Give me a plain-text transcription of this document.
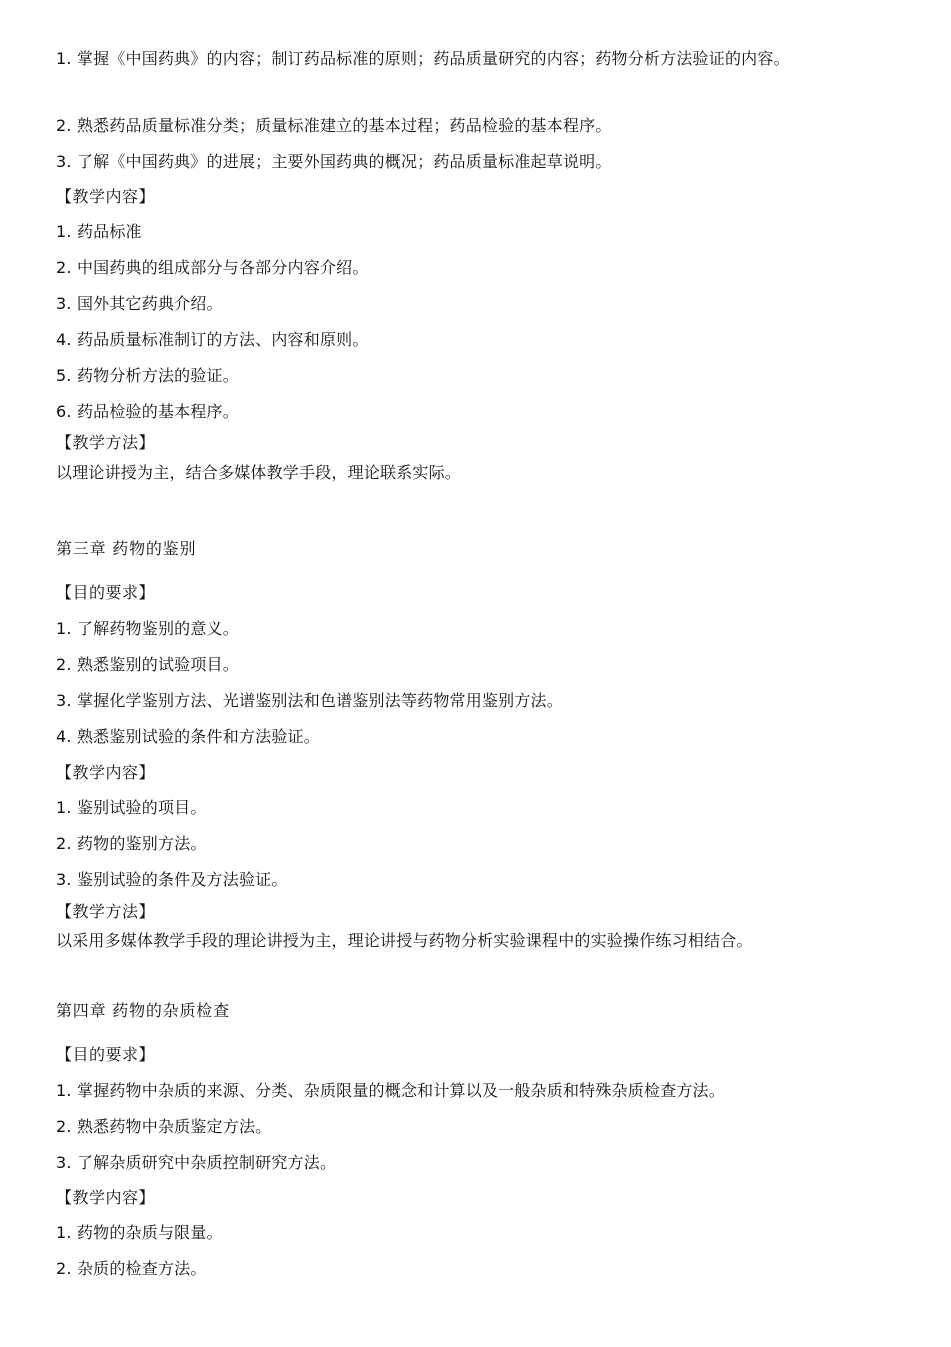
1. 掌握《中国药典》的内容；制订药品标准的原则；药品质量研究的内容；药物分析方法验证的内容。
2. 熟悉药品质量标准分类；质量标准建立的基本过程；药品检验的基本程序。
3. 了解《中国药典》的进展；主要外国药典的概况；药品质量标准起草说明。
【教学内容】
1. 药品标准
2. 中国药典的组成部分与各部分内容介绍。
3. 国外其它药典介绍。
4. 药品质量标准制订的方法、内容和原则。
5. 药物分析方法的验证。
6. 药品检验的基本程序。
【教学方法】
以理论讲授为主，结合多媒体教学手段，理论联系实际。
第三章 药物的鉴别
【目的要求】
1. 了解药物鉴别的意义。
2. 熟悉鉴别的试验项目。
3. 掌握化学鉴别方法、光谱鉴别法和色谱鉴别法等药物常用鉴别方法。
4. 熟悉鉴别试验的条件和方法验证。
【教学内容】
1. 鉴别试验的项目。
2. 药物的鉴别方法。
3. 鉴别试验的条件及方法验证。
【教学方法】
以采用多媒体教学手段的理论讲授为主，理论讲授与药物分析实验课程中的实验操作练习相结合。
第四章 药物的杂质检查
【目的要求】
1. 掌握药物中杂质的来源、分类、杂质限量的概念和计算以及一般杂质和特殊杂质检查方法。
2. 熟悉药物中杂质鉴定方法。
3. 了解杂质研究中杂质控制研究方法。
【教学内容】
1. 药物的杂质与限量。
2. 杂质的检查方法。
